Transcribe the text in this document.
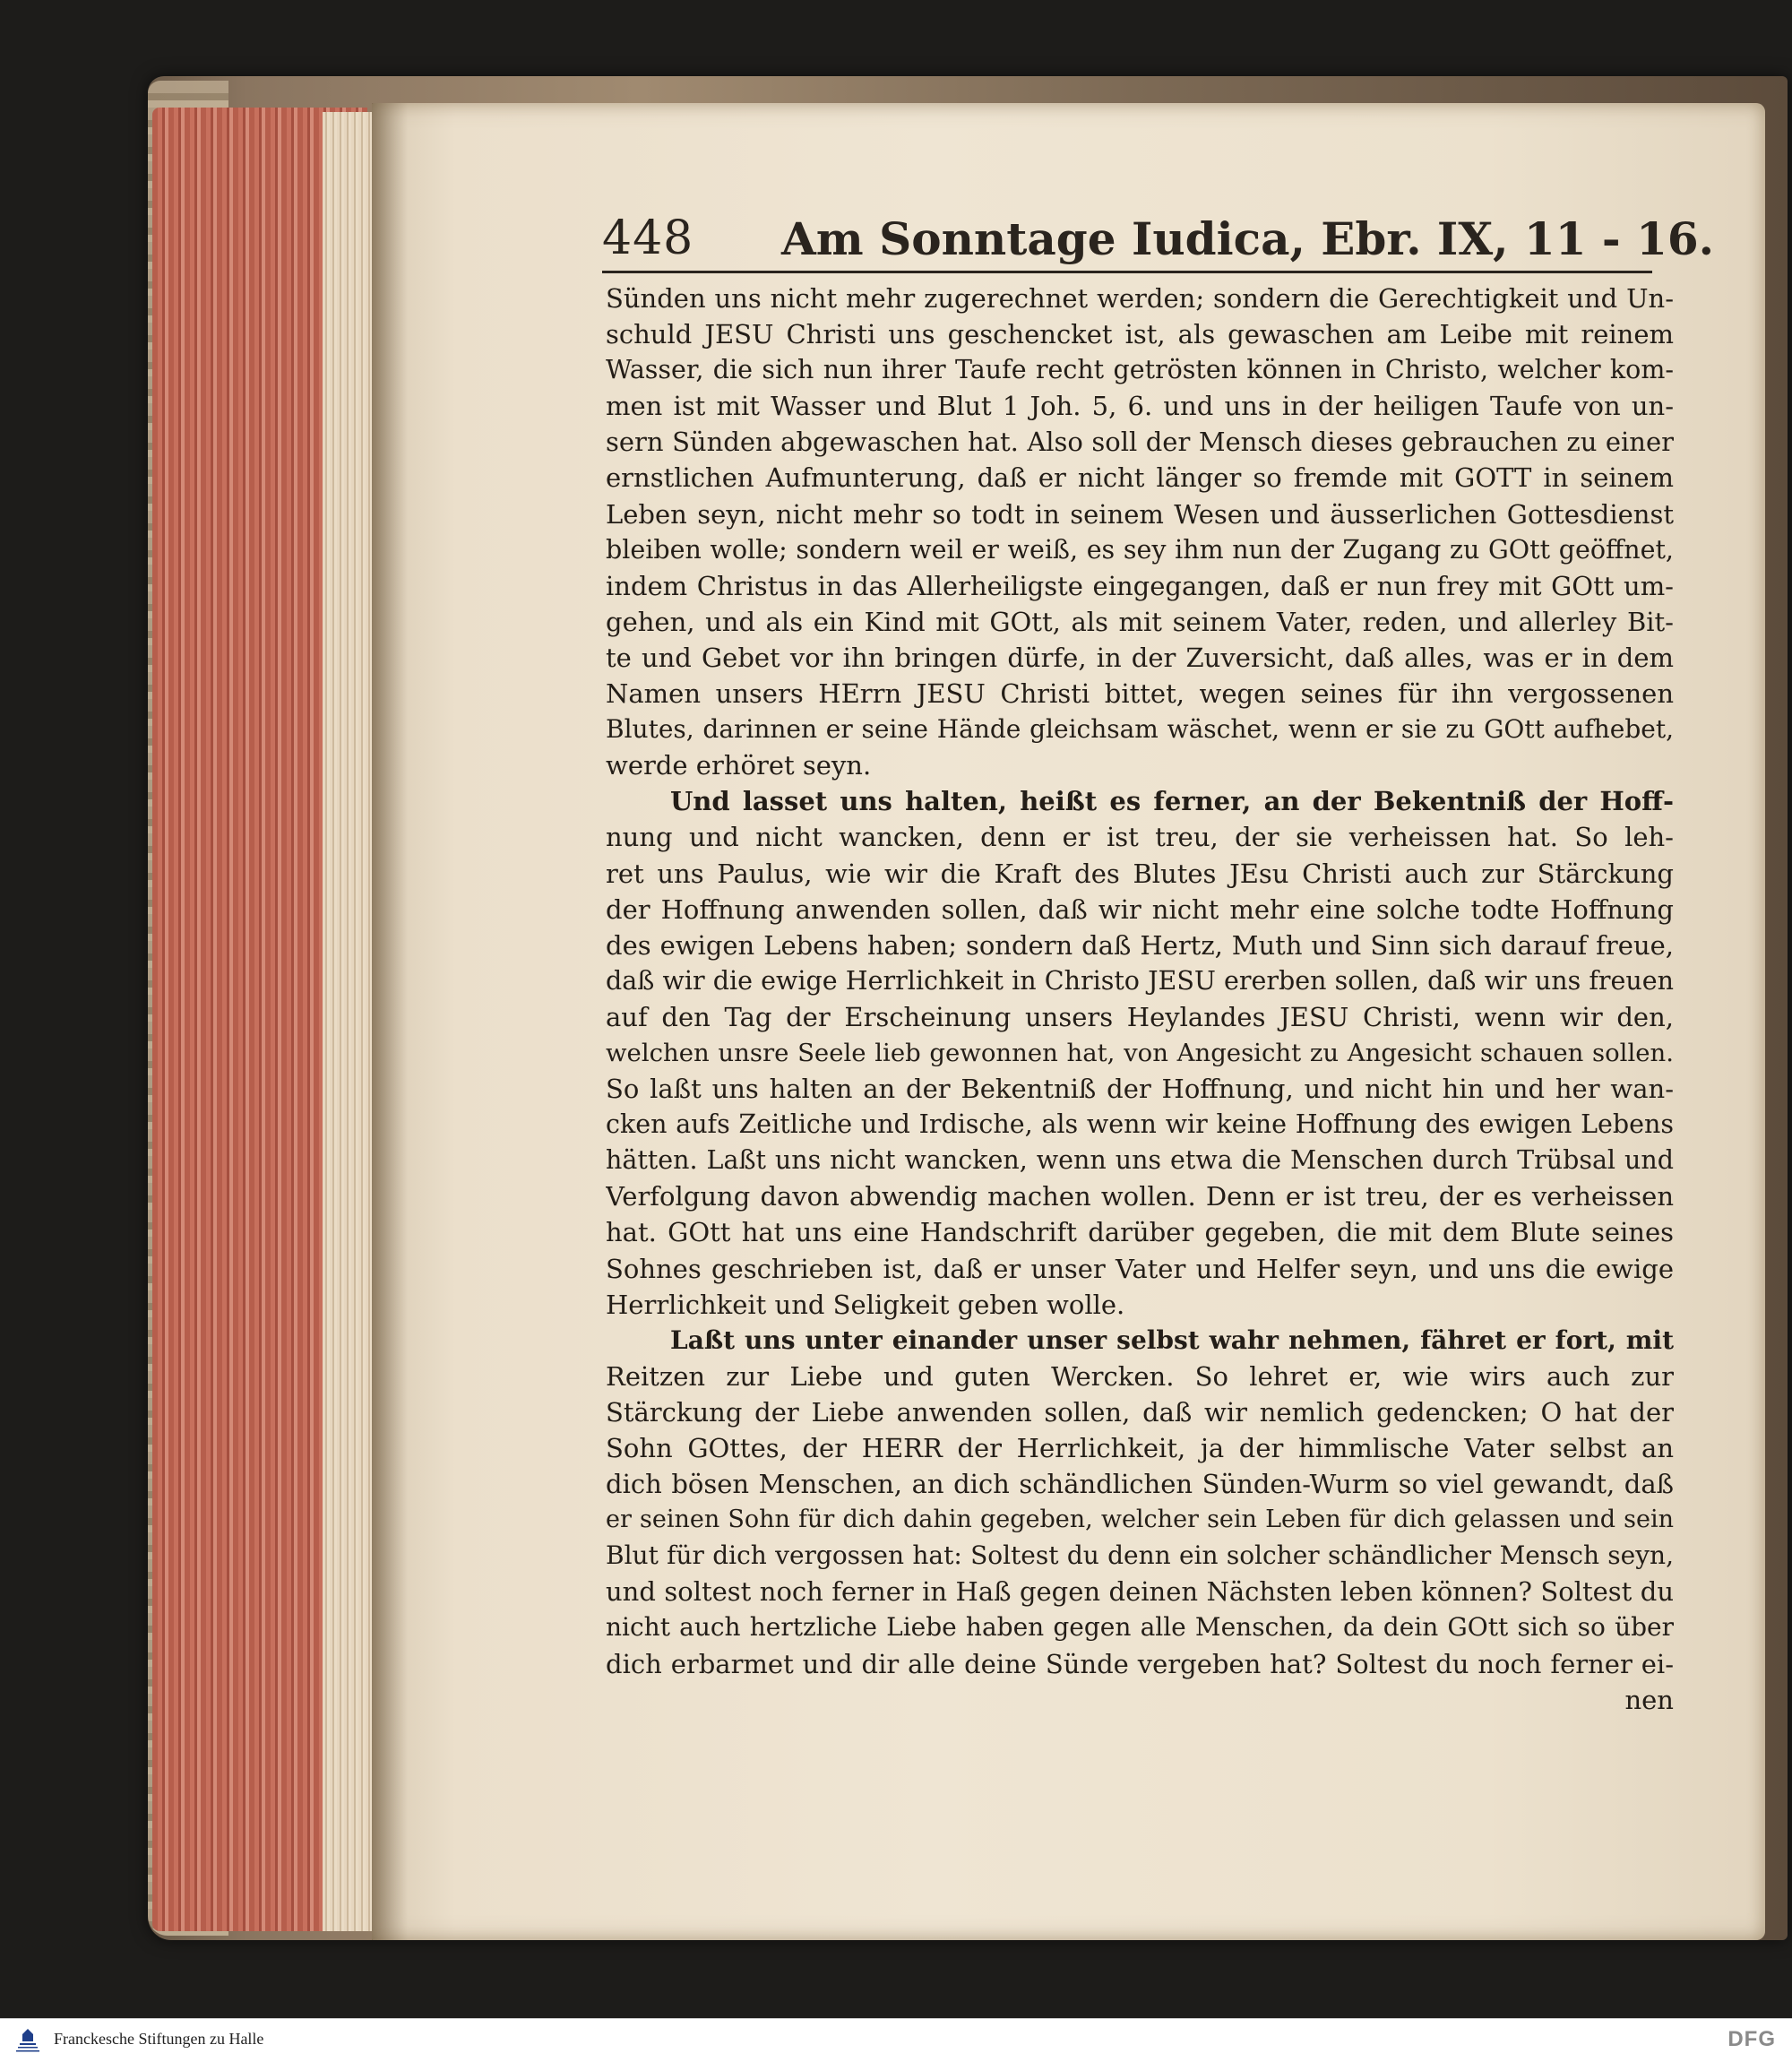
448 Am Sonntage Iudica, Ebr. IX, 11 - 16.
Sünden uns nicht mehr zugerechnet werden; sondern die Gerechtigkeit und Un-
schuld JESU Christi uns geschencket ist, als gewaschen am Leibe mit reinem
Wasser, die sich nun ihrer Taufe recht getrösten können in Christo, welcher kom-
men ist mit Wasser und Blut 1 Joh. 5, 6. und uns in der heiligen Taufe von un-
sern Sünden abgewaschen hat. Also soll der Mensch dieses gebrauchen zu einer
ernstlichen Aufmunterung, daß er nicht länger so fremde mit GOTT in seinem
Leben seyn, nicht mehr so todt in seinem Wesen und äusserlichen Gottesdienst
bleiben wolle; sondern weil er weiß, es sey ihm nun der Zugang zu GOtt geöffnet,
indem Christus in das Allerheiligste eingegangen, daß er nun frey mit GOtt um-
gehen, und als ein Kind mit GOtt, als mit seinem Vater, reden, und allerley Bit-
te und Gebet vor ihn bringen dürfe, in der Zuversicht, daß alles, was er in dem
Namen unsers HErrn JESU Christi bittet, wegen seines für ihn vergossenen
Blutes, darinnen er seine Hände gleichsam wäschet, wenn er sie zu GOtt aufhebet,
werde erhöret seyn.
Und lasset uns halten, heißt es ferner, an der Bekentniß der Hoff-
nung und nicht wancken, denn er ist treu, der sie verheissen hat. So leh-
ret uns Paulus, wie wir die Kraft des Blutes JEsu Christi auch zur Stärckung
der Hoffnung anwenden sollen, daß wir nicht mehr eine solche todte Hoffnung
des ewigen Lebens haben; sondern daß Hertz, Muth und Sinn sich darauf freue,
daß wir die ewige Herrlichkeit in Christo JESU ererben sollen, daß wir uns freuen
auf den Tag der Erscheinung unsers Heylandes JESU Christi, wenn wir den,
welchen unsre Seele lieb gewonnen hat, von Angesicht zu Angesicht schauen sollen.
So laßt uns halten an der Bekentniß der Hoffnung, und nicht hin und her wan-
cken aufs Zeitliche und Irdische, als wenn wir keine Hoffnung des ewigen Lebens
hätten. Laßt uns nicht wancken, wenn uns etwa die Menschen durch Trübsal und
Verfolgung davon abwendig machen wollen. Denn er ist treu, der es verheissen
hat. GOtt hat uns eine Handschrift darüber gegeben, die mit dem Blute seines
Sohnes geschrieben ist, daß er unser Vater und Helfer seyn, und uns die ewige
Herrlichkeit und Seligkeit geben wolle.
Laßt uns unter einander unser selbst wahr nehmen, fähret er fort, mit
Reitzen zur Liebe und guten Wercken. So lehret er, wie wirs auch zur
Stärckung der Liebe anwenden sollen, daß wir nemlich gedencken; O hat der
Sohn GOttes, der HERR der Herrlichkeit, ja der himmlische Vater selbst an
dich bösen Menschen, an dich schändlichen Sünden-Wurm so viel gewandt, daß
er seinen Sohn für dich dahin gegeben, welcher sein Leben für dich gelassen und sein
Blut für dich vergossen hat: Soltest du denn ein solcher schändlicher Mensch seyn,
und soltest noch ferner in Haß gegen deinen Nächsten leben können? Soltest du
nicht auch hertzliche Liebe haben gegen alle Menschen, da dein GOtt sich so über
dich erbarmet und dir alle deine Sünde vergeben hat? Soltest du noch ferner ei-
nen
Franckesche Stiftungen zu Halle	DFG
